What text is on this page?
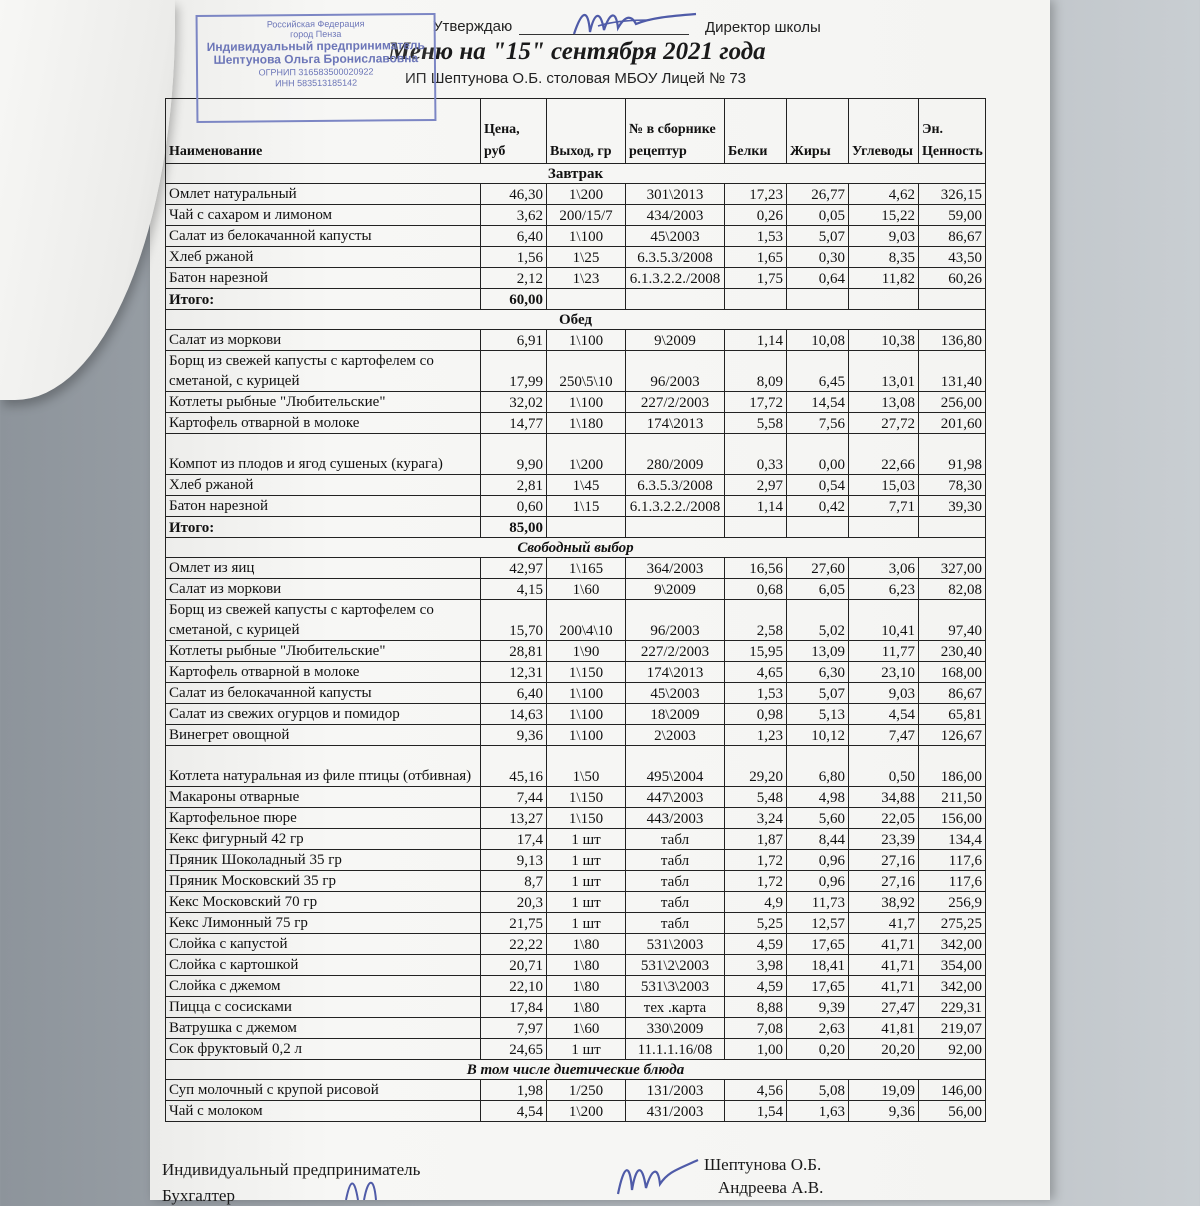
Утверждаю	Директор школы
Меню на "15" сентября 2021 года
ИП Шептунова О.Б. столовая МБОУ Лицей № 73
Российская Федерация
город Пенза
Индивидуальный предприниматель
Шептунова Ольга Брониславовна
ОГРНИП 316583500020922
ИНН 583513185142
Наименование	Цена, руб	Выход, гр	№ в сборнике рецептур	Белки	Жиры	Углеводы	Эн. Ценность
Завтрак							
Омлет натуральный	46,30	1\200	301\2013	17,23	26,77	4,62	326,15
Чай с сахаром и лимоном	3,62	200/15/7	434/2003	0,26	0,05	15,22	59,00
Салат из белокачанной капусты	6,40	1\100	45\2003	1,53	5,07	9,03	86,67
Хлеб ржаной	1,56	1\25	6.3.5.3/2008	1,65	0,30	8,35	43,50
Батон нарезной	2,12	1\23	6.1.3.2.2./2008	1,75	0,64	11,82	60,26
Итого:	60,00						
Обед							
Салат из моркови	6,91	1\100	9\2009	1,14	10,08	10,38	136,80
Борщ из свежей капусты с картофелем со сметаной, с курицей	17,99	250\5\10	96/2003	8,09	6,45	13,01	131,40
Котлеты рыбные "Любительские"	32,02	1\100	227/2/2003	17,72	14,54	13,08	256,00
Картофель отварной в молоке	14,77	1\180	174\2013	5,58	7,56	27,72	201,60
Компот из плодов и ягод сушеных (курага)	9,90	1\200	280/2009	0,33	0,00	22,66	91,98
Хлеб ржаной	2,81	1\45	6.3.5.3/2008	2,97	0,54	15,03	78,30
Батон нарезной	0,60	1\15	6.1.3.2.2./2008	1,14	0,42	7,71	39,30
Итого:	85,00						
Свободный выбор							
Омлет из яиц	42,97	1\165	364/2003	16,56	27,60	3,06	327,00
Салат из моркови	4,15	1\60	9\2009	0,68	6,05	6,23	82,08
Борщ из свежей капусты с картофелем со сметаной, с курицей	15,70	200\4\10	96/2003	2,58	5,02	10,41	97,40
Котлеты рыбные "Любительские"	28,81	1\90	227/2/2003	15,95	13,09	11,77	230,40
Картофель отварной в молоке	12,31	1\150	174\2013	4,65	6,30	23,10	168,00
Салат из белокачанной капусты	6,40	1\100	45\2003	1,53	5,07	9,03	86,67
Салат из свежих огурцов и помидор	14,63	1\100	18\2009	0,98	5,13	4,54	65,81
Винегрет овощной	9,36	1\100	2\2003	1,23	10,12	7,47	126,67
Котлета натуральная из филе птицы (отбивная)	45,16	1\50	495\2004	29,20	6,80	0,50	186,00
Макароны отварные	7,44	1\150	447\2003	5,48	4,98	34,88	211,50
Картофельное пюре	13,27	1\150	443/2003	3,24	5,60	22,05	156,00
Кекс фигурный 42 гр	17,4	1 шт	табл	1,87	8,44	23,39	134,4
Пряник Шоколадный 35 гр	9,13	1 шт	табл	1,72	0,96	27,16	117,6
Пряник Московский 35 гр	8,7	1 шт	табл	1,72	0,96	27,16	117,6
Кекс Московский 70 гр	20,3	1 шт	табл	4,9	11,73	38,92	256,9
Кекс Лимонный 75 гр	21,75	1 шт	табл	5,25	12,57	41,7	275,25
Слойка с капустой	22,22	1\80	531\2003	4,59	17,65	41,71	342,00
Слойка с картошкой	20,71	1\80	531\2\2003	3,98	18,41	41,71	354,00
Слойка с джемом	22,10	1\80	531\3\2003	4,59	17,65	41,71	342,00
Пицца с сосисками	17,84	1\80	тех .карта	8,88	9,39	27,47	229,31
Ватрушка с джемом	7,97	1\60	330\2009	7,08	2,63	41,81	219,07
Сок фруктовый 0,2 л	24,65	1 шт	11.1.1.16/08	1,00	0,20	20,20	92,00
В том числе диетические блюда							
Суп молочный с крупой рисовой	1,98	1/250	131/2003	4,56	5,08	19,09	146,00
Чай с молоком	4,54	1\200	431/2003	1,54	1,63	9,36	56,00
Индивидуальный предприниматель	Шептунова О.Б.
Бухгалтер	Андреева А.В.
